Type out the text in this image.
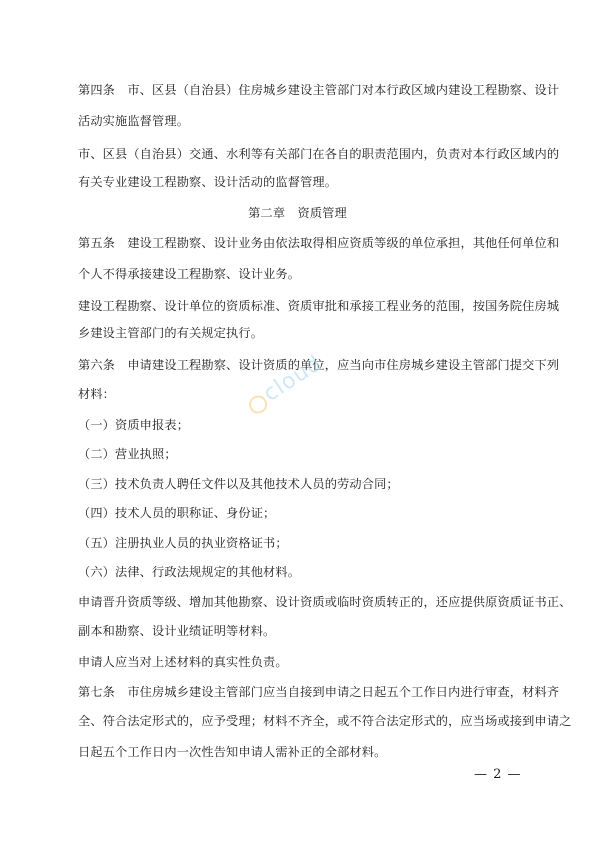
第四条　市、区县（自治县）住房城乡建设主管部门对本行政区域内建设工程勘察、设计
活动实施监督管理。
市、区县（自治县）交通、水利等有关部门在各自的职责范围内，负责对本行政区域内的
有关专业建设工程勘察、设计活动的监督管理。
第二章　资质管理
第五条　建设工程勘察、设计业务由依法取得相应资质等级的单位承担，其他任何单位和
个人不得承接建设工程勘察、设计业务。
建设工程勘察、设计单位的资质标准、资质审批和承接工程业务的范围，按国务院住房城
乡建设主管部门的有关规定执行。
第六条　申请建设工程勘察、设计资质的单位，应当向市住房城乡建设主管部门提交下列
材料：
（一）资质申报表；
（二）营业执照；
（三）技术负责人聘任文件以及其他技术人员的劳动合同；
（四）技术人员的职称证、身份证；
（五）注册执业人员的执业资格证书；
（六）法律、行政法规规定的其他材料。
申请晋升资质等级、增加其他勘察、设计资质或临时资质转正的，还应提供原资质证书正、
副本和勘察、设计业绩证明等材料。
申请人应当对上述材料的真实性负责。
第七条　市住房城乡建设主管部门应当自接到申请之日起五个工作日内进行审查，材料齐
全、符合法定形式的，应予受理；材料不齐全，或不符合法定形式的，应当场或接到申请之
日起五个工作日内一次性告知申请人需补正的全部材料。
— 2 —
cloud
